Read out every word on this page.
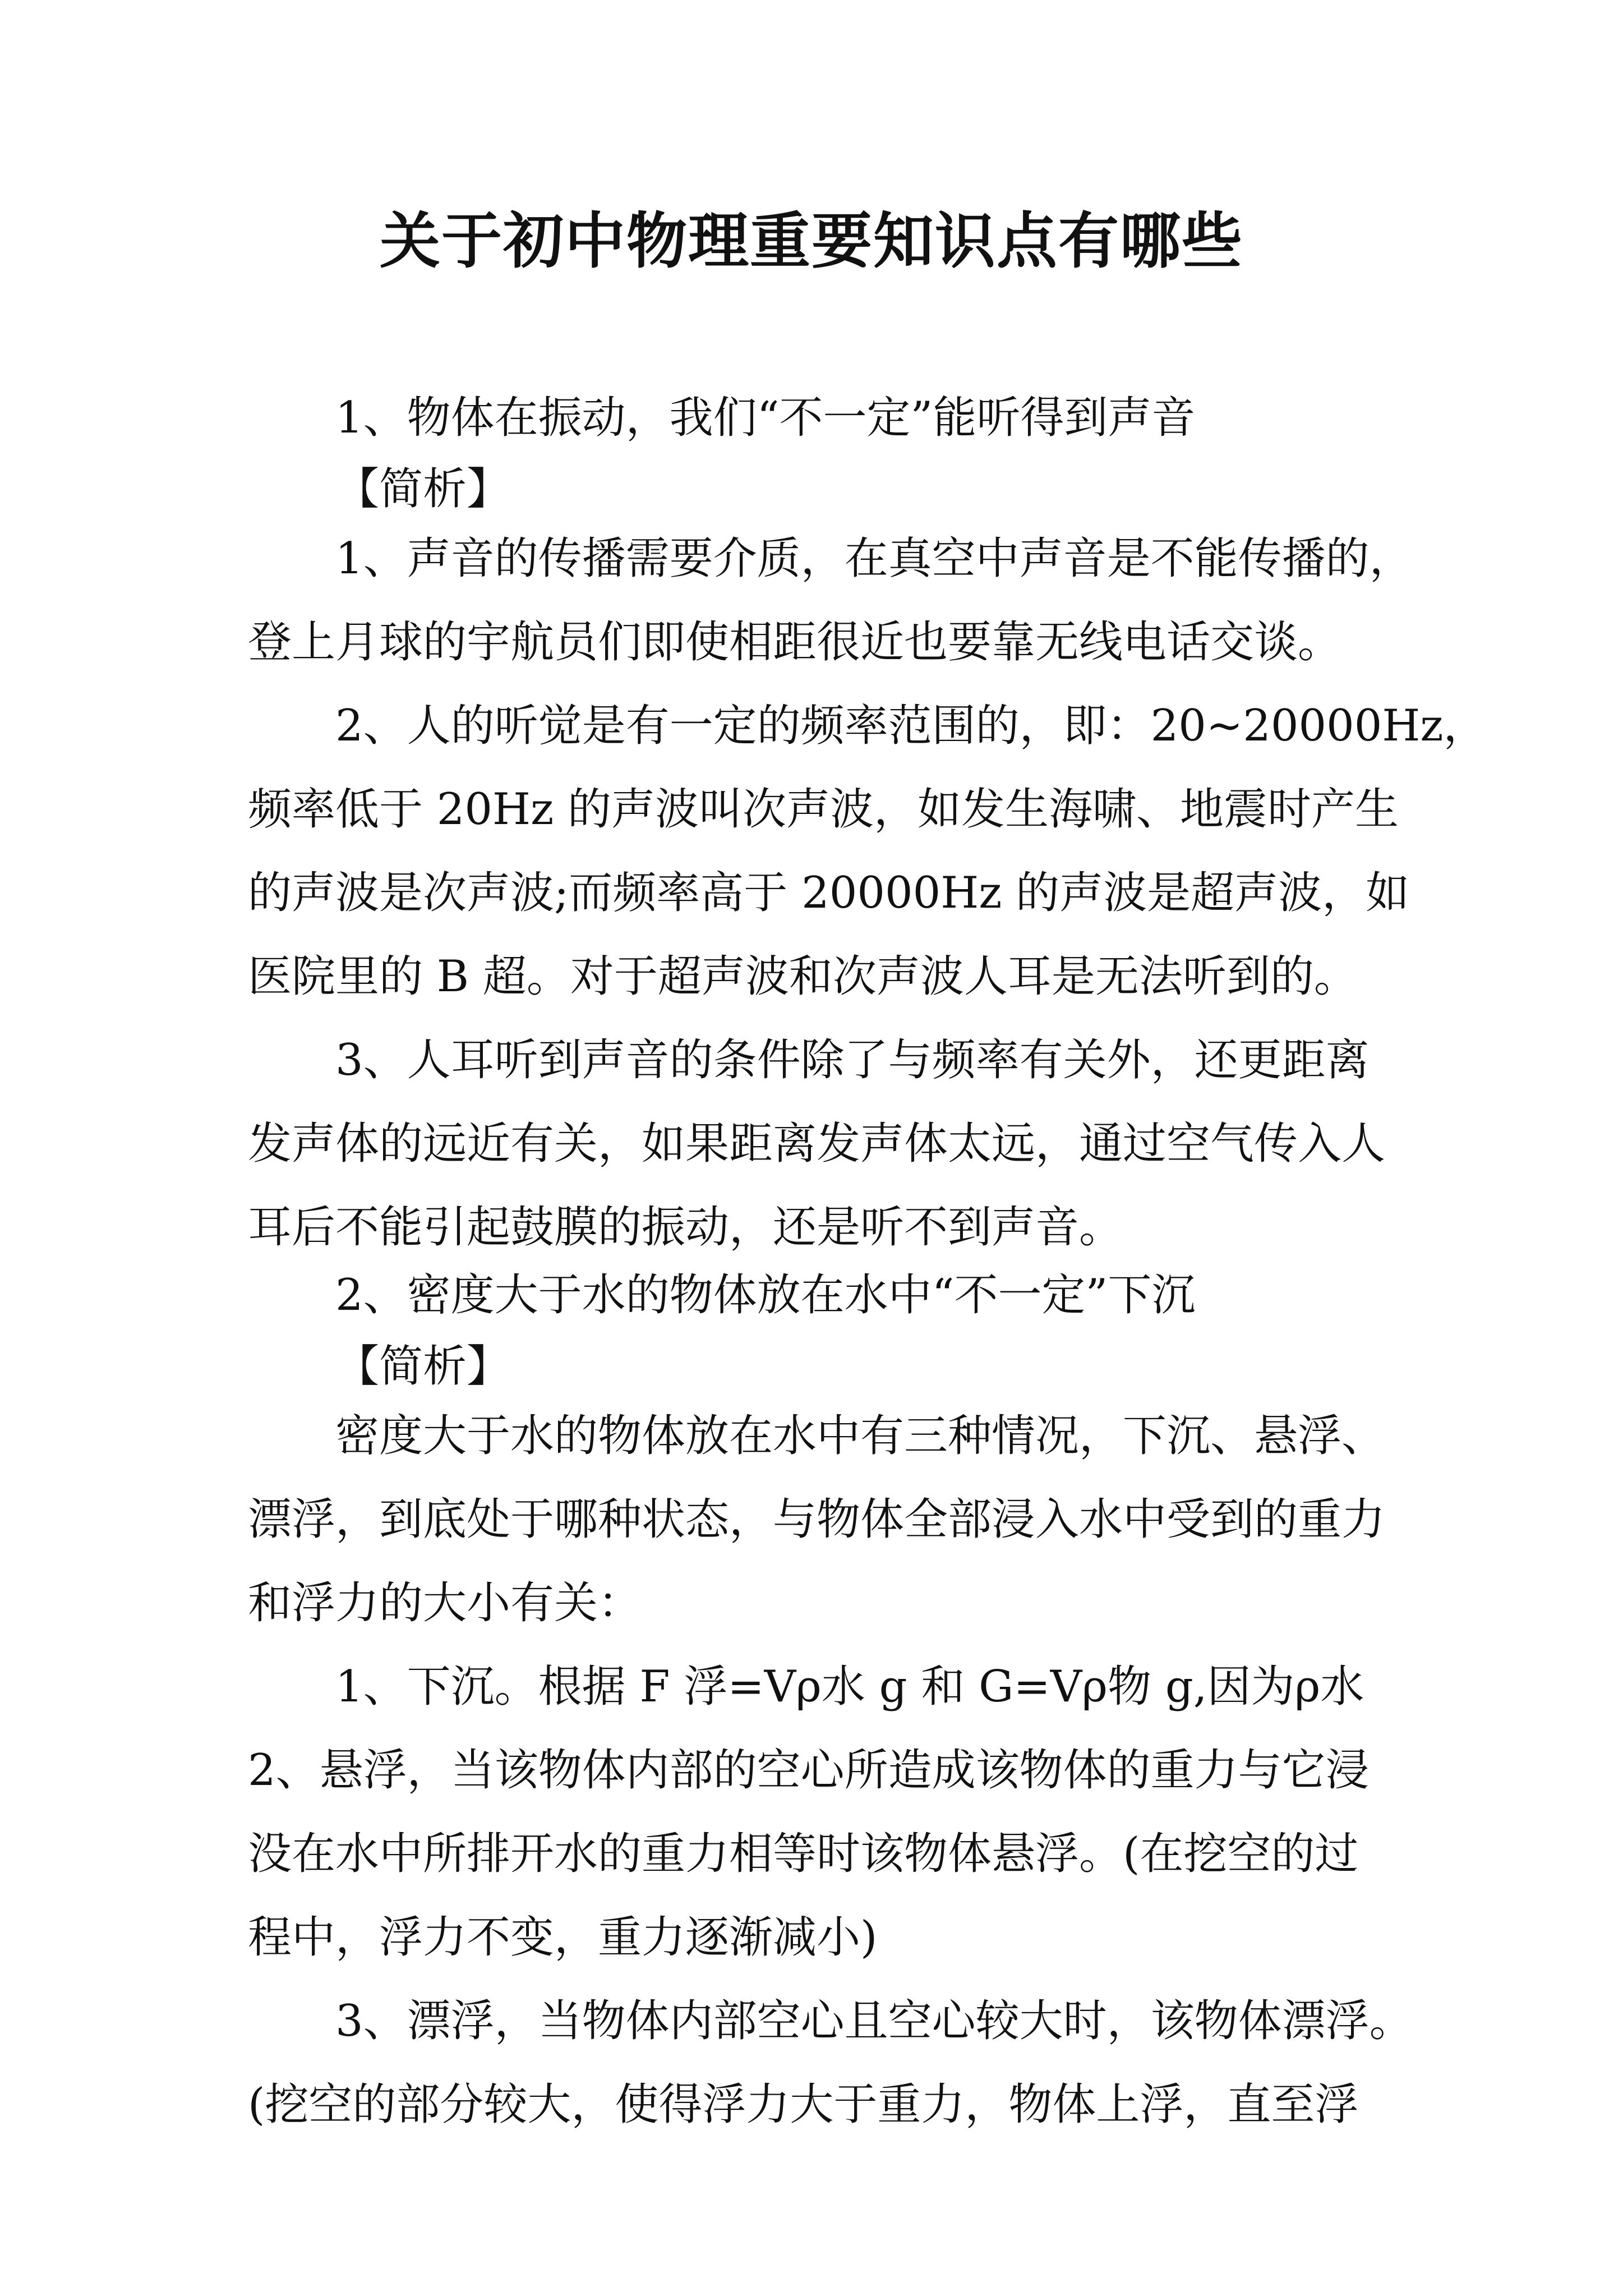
关于初中物理重要知识点有哪些

1、物体在振动，我们“不一定”能听得到声音

【简析】

1、声音的传播需要介质，在真空中声音是不能传播的，

登上月球的宇航员们即使相距很近也要靠无线电话交谈。

2、人的听觉是有一定的频率范围的，即：20~20000Hz，

频率低于 20Hz 的声波叫次声波，如发生海啸、地震时产生

的声波是次声波;而频率高于 20000Hz 的声波是超声波，如

医院里的 B 超。对于超声波和次声波人耳是无法听到的。

3、人耳听到声音的条件除了与频率有关外，还更距离

发声体的远近有关，如果距离发声体太远，通过空气传入人

耳后不能引起鼓膜的振动，还是听不到声音。

2、密度大于水的物体放在水中“不一定”下沉

【简析】

密度大于水的物体放在水中有三种情况，下沉、悬浮、

漂浮，到底处于哪种状态，与物体全部浸入水中受到的重力

和浮力的大小有关：

1、下沉。根据 F 浮=Vρ水 g 和 G=Vρ物 g,因为ρ水

2、悬浮，当该物体内部的空心所造成该物体的重力与它浸

没在水中所排开水的重力相等时该物体悬浮。(在挖空的过

程中，浮力不变，重力逐渐减小)

3、漂浮，当物体内部空心且空心较大时，该物体漂浮。

(挖空的部分较大，使得浮力大于重力，物体上浮，直至浮
